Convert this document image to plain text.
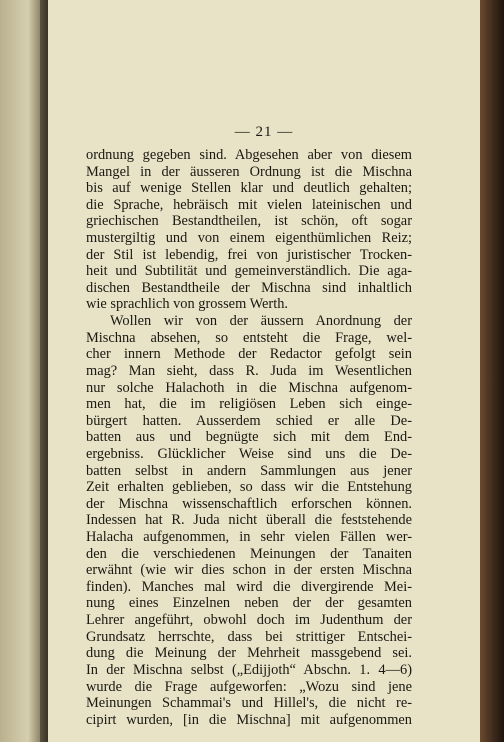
— 21 —
ordnung gegeben sind. Abgesehen aber von diesem
Mangel in der äusseren Ordnung ist die Mischna
bis auf wenige Stellen klar und deutlich gehalten;
die Sprache, hebräisch mit vielen lateinischen und
griechischen Bestandtheilen, ist schön, oft sogar
mustergiltig und von einem eigenthümlichen Reiz;
der Stil ist lebendig, frei von juristischer Trocken-
heit und Subtilität und gemeinverständlich. Die aga-
dischen Bestandtheile der Mischna sind inhaltlich
wie sprachlich von grossem Werth.
Wollen wir von der äussern Anordnung der
Mischna absehen, so entsteht die Frage, wel-
cher innern Methode der Redactor gefolgt sein
mag? Man sieht, dass R. Juda im Wesentlichen
nur solche Halachoth in die Mischna aufgenom-
men hat, die im religiösen Leben sich einge-
bürgert hatten. Ausserdem schied er alle De-
batten aus und begnügte sich mit dem End-
ergebniss. Glücklicher Weise sind uns die De-
batten selbst in andern Sammlungen aus jener
Zeit erhalten geblieben, so dass wir die Entstehung
der Mischna wissenschaftlich erforschen können.
Indessen hat R. Juda nicht überall die feststehende
Halacha aufgenommen, in sehr vielen Fällen wer-
den die verschiedenen Meinungen der Tanaiten
erwähnt (wie wir dies schon in der ersten Mischna
finden). Manches mal wird die divergirende Mei-
nung eines Einzelnen neben der der gesamten
Lehrer angeführt, obwohl doch im Judenthum der
Grundsatz herrschte, dass bei strittiger Entschei-
dung die Meinung der Mehrheit massgebend sei.
In der Mischna selbst („Edijjoth“ Abschn. 1. 4—6)
wurde die Frage aufgeworfen: „Wozu sind jene
Meinungen Schammai's und Hillel's, die nicht re-
cipirt wurden, [in die Mischna] mit aufgenommen
